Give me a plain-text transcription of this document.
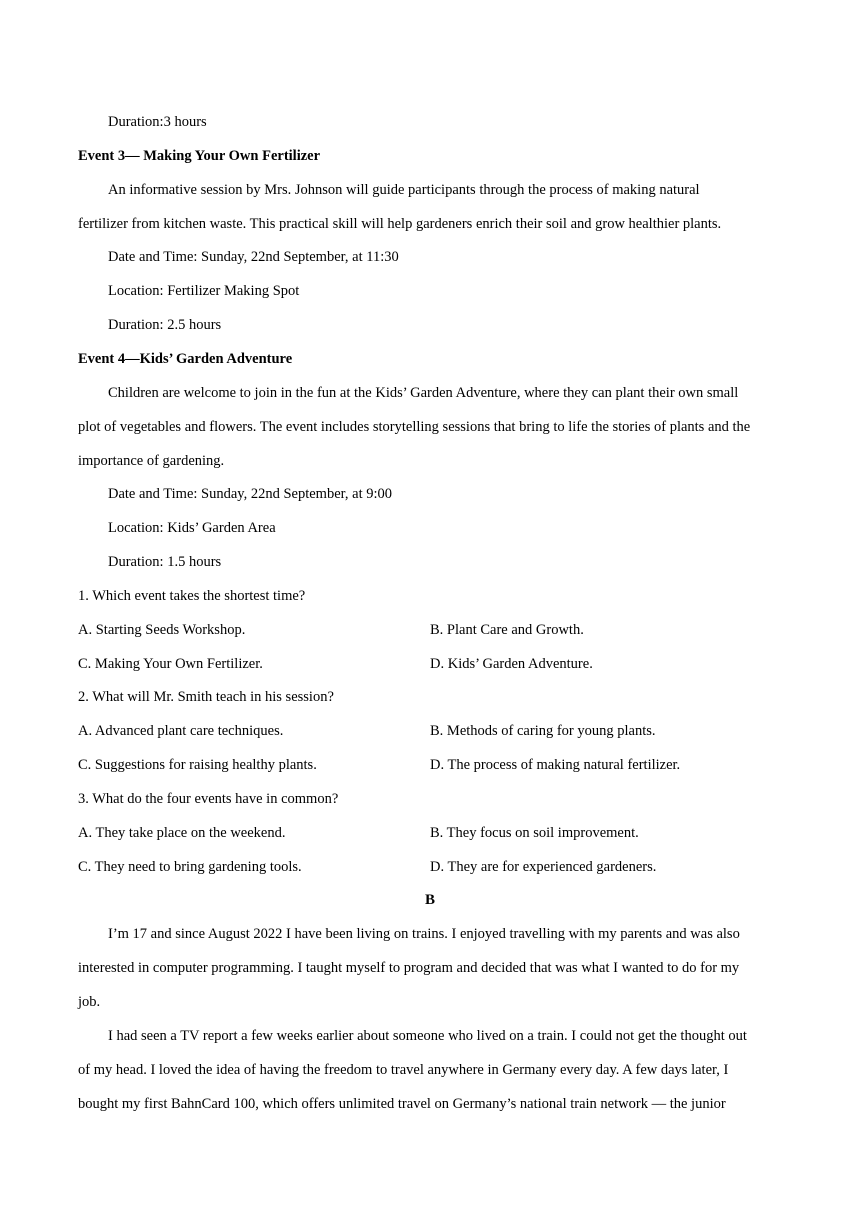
Duration:3 hours
Event 3— Making Your Own Fertilizer
An informative session by Mrs. Johnson will guide participants through the process of making natural
fertilizer from kitchen waste. This practical skill will help gardeners enrich their soil and grow healthier plants.
Date and Time: Sunday, 22nd September, at 11:30
Location: Fertilizer Making Spot
Duration: 2.5 hours
Event 4—Kids’ Garden Adventure
Children are welcome to join in the fun at the Kids’ Garden Adventure, where they can plant their own small
plot of vegetables and flowers. The event includes storytelling sessions that bring to life the stories of plants and the
importance of gardening.
Date and Time: Sunday, 22nd September, at 9:00
Location: Kids’ Garden Area
Duration: 1.5 hours
1. Which event takes the shortest time?
A. Starting Seeds Workshop.	B. Plant Care and Growth.
C. Making Your Own Fertilizer.	D. Kids’ Garden Adventure.
2. What will Mr. Smith teach in his session?
A. Advanced plant care techniques.	B. Methods of caring for young plants.
C. Suggestions for raising healthy plants.	D. The process of making natural fertilizer.
3. What do the four events have in common?
A. They take place on the weekend.	B. They focus on soil improvement.
C. They need to bring gardening tools.	D. They are for experienced gardeners.
B
I’m 17 and since August 2022 I have been living on trains. I enjoyed travelling with my parents and was also
interested in computer programming. I taught myself to program and decided that was what I wanted to do for my
job.
I had seen a TV report a few weeks earlier about someone who lived on a train. I could not get the thought out
of my head. I loved the idea of having the freedom to travel anywhere in Germany every day. A few days later, I
bought my first BahnCard 100, which offers unlimited travel on Germany’s national train network — the junior
